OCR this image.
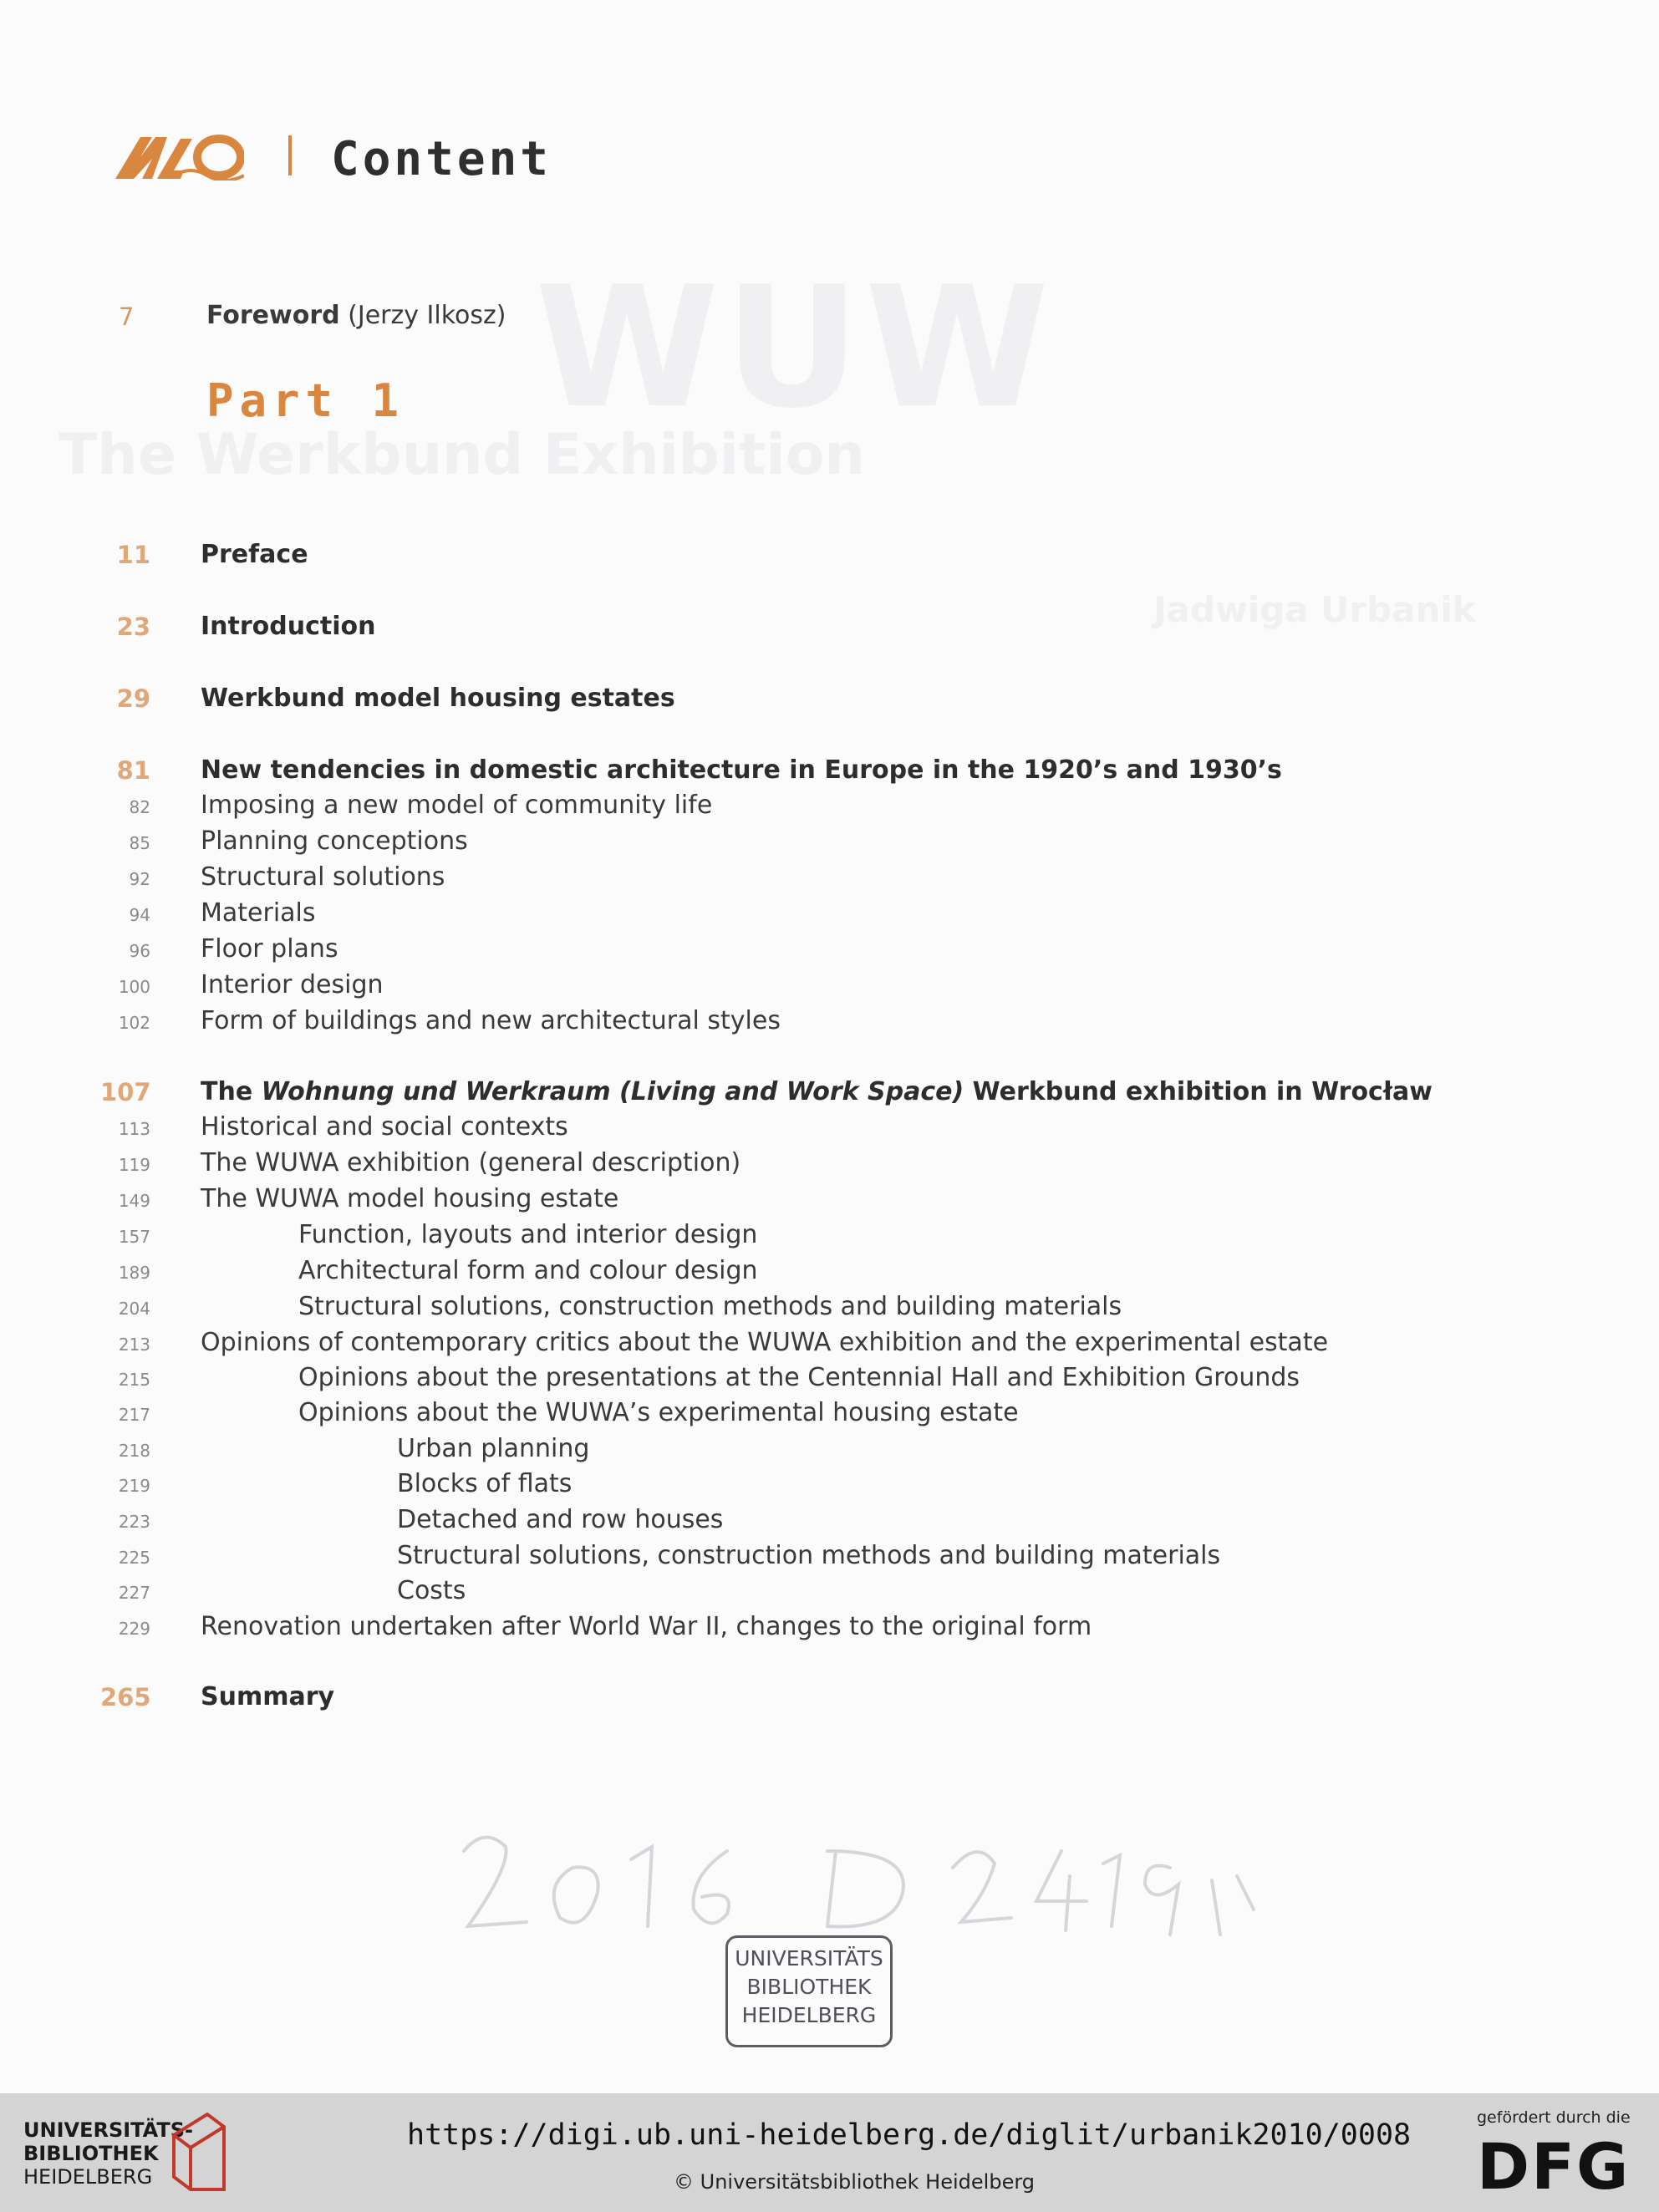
WUW
The Werkbund Exhibition
Jadwiga Urbanik
Content
7	Foreword (Jerzy Ilkosz)
Part 1
11 Preface
23 Introduction
29 Werkbund model housing estates
81 New tendencies in domestic architecture in Europe in the 1920’s and 1930’s
82 Imposing a new model of community life
85 Planning conceptions
92 Structural solutions
94 Materials
96 Floor plans
100 Interior design
102 Form of buildings and new architectural styles
107 The Wohnung und Werkraum (Living and Work Space) Werkbund exhibition in Wrocław
113 Historical and social contexts
119 The WUWA exhibition (general description)
149 The WUWA model housing estate
157	Function, layouts and interior design
189	Architectural form and colour design
204	Structural solutions, construction methods and building materials
213 Opinions of contemporary critics about the WUWA exhibition and the experimental estate
215	Opinions about the presentations at the Centennial Hall and Exhibition Grounds
217	Opinions about the WUWA’s experimental housing estate
218	Urban planning
219	Blocks of flats
223	Detached and row houses
225	Structural solutions, construction methods and building materials
227	Costs
229 Renovation undertaken after World War II, changes to the original form
265 Summary
UNIVERSITÄTS
BIBLIOTHEK
HEIDELBERG
UNIVERSITÄTS-
BIBLIOTHEK
HEIDELBERG
https://digi.ub.uni-heidelberg.de/diglit/urbanik2010/0008
© Universitätsbibliothek Heidelberg
gefördert durch die
DFG
